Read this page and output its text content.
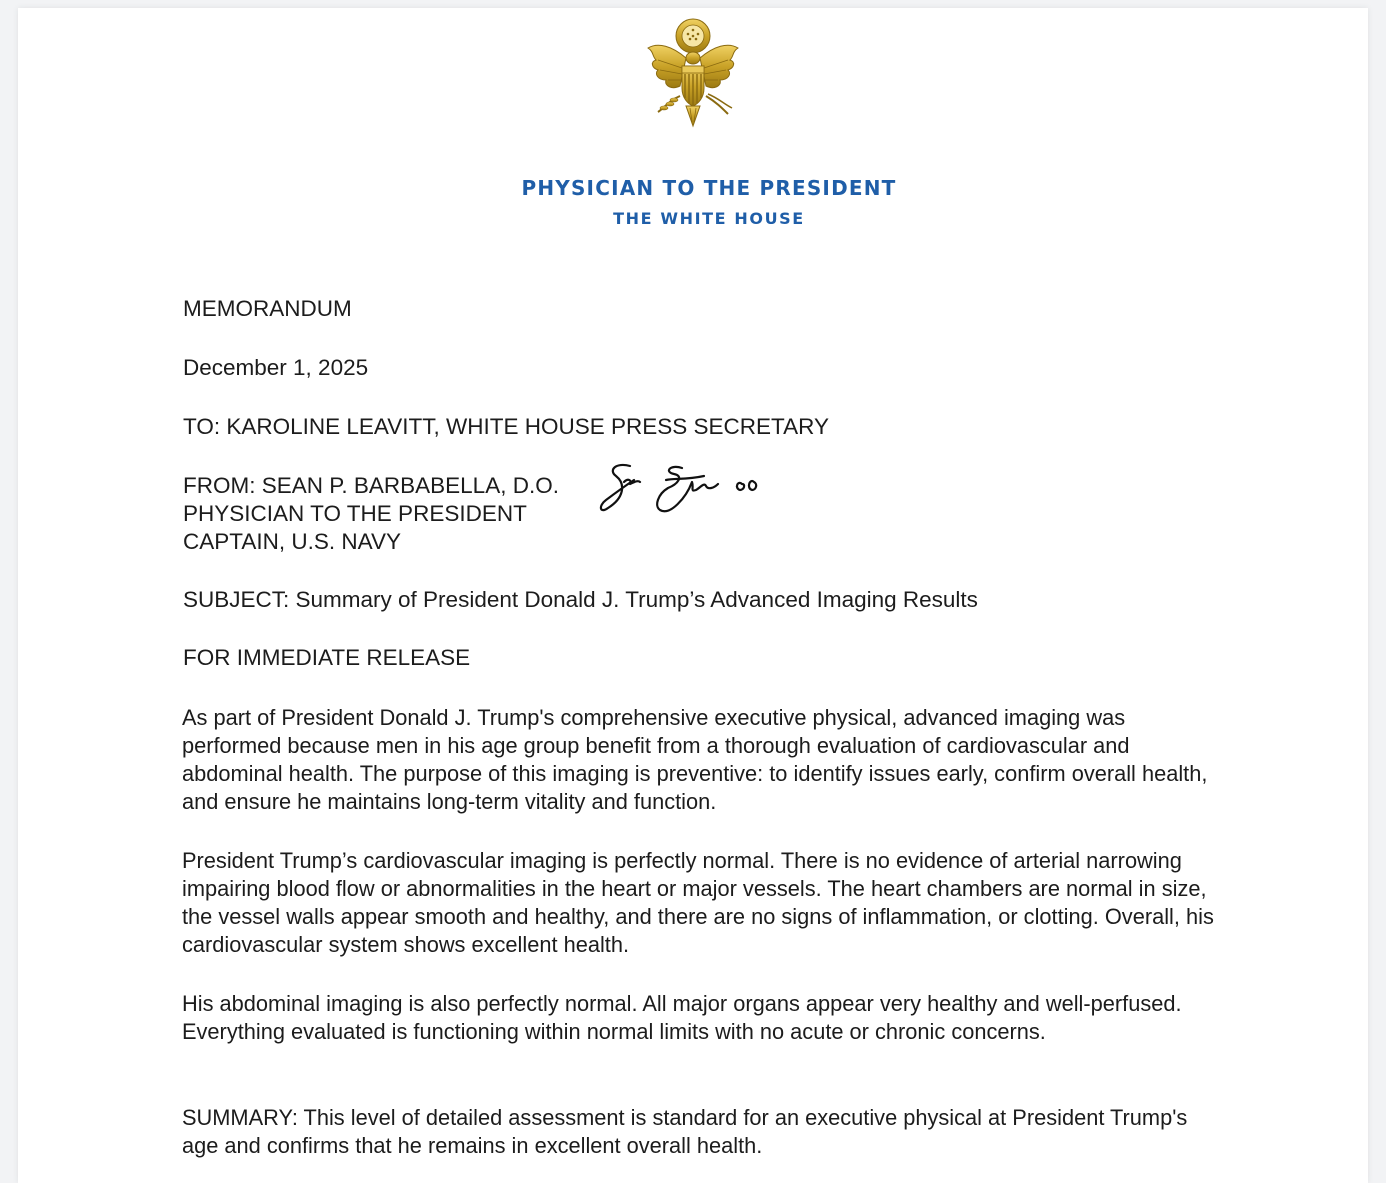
PHYSICIAN TO THE PRESIDENT
THE WHITE HOUSE
MEMORANDUM
December 1, 2025
TO: KAROLINE LEAVITT, WHITE HOUSE PRESS SECRETARY
FROM: SEAN P. BARBABELLA, D.O.
PHYSICIAN TO THE PRESIDENT
CAPTAIN, U.S. NAVY
SUBJECT: Summary of President Donald J. Trump’s Advanced Imaging Results
FOR IMMEDIATE RELEASE
As part of President Donald J. Trump's comprehensive executive physical, advanced imaging was performed because men in his age group benefit from a thorough evaluation of cardiovascular and abdominal health. The purpose of this imaging is preventive: to identify issues early, confirm overall health, and ensure he maintains long-term vitality and function.
President Trump’s cardiovascular imaging is perfectly normal. There is no evidence of arterial narrowing impairing blood flow or abnormalities in the heart or major vessels. The heart chambers are normal in size, the vessel walls appear smooth and healthy, and there are no signs of inflammation, or clotting. Overall, his cardiovascular system shows excellent health.
His abdominal imaging is also perfectly normal. All major organs appear very healthy and well-perfused. Everything evaluated is functioning within normal limits with no acute or chronic concerns.
SUMMARY: This level of detailed assessment is standard for an executive physical at President Trump's age and confirms that he remains in excellent overall health.
